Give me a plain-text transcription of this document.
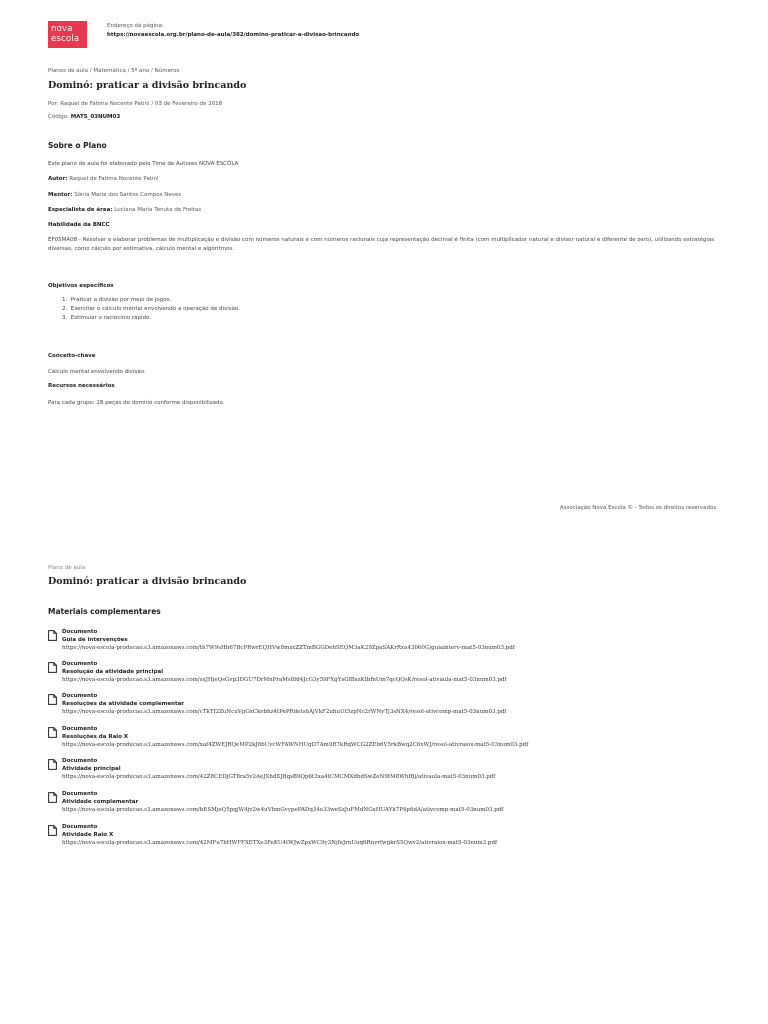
nova
escola
Endereço da página:
https://novaescola.org.br/plano-de-aula/382/domino-praticar-a-divisao-brincando
Planos de aula / Matemática / 5º ano / Números
Dominó: praticar a divisão brincando
Por: Raquel de Fatima Nocente Patini / 03 de Fevereiro de 2018
Código: MAT5_03NUM03
Sobre o Plano
Este plano de aula foi elaborado pelo Time de Autores NOVA ESCOLA
Autor: Raquel de Fatima Nocente Patini
Mentor: Sônia Maria dos Santos Campos Neves
Especialista de área: Luciana Maria Tenuta de Freitas
Habilidade da BNCC
EF05MA08 - Resolver e elaborar problemas de multiplicação e divisão com números naturais e com números racionais cuja representação decimal é finita (com multiplicador natural e divisor natural e diferente de zero), utilizando estratégias diversas, como cálculo por estimativa, cálculo mental e algoritmos.
Objetivos específicos
1.  Praticar a divisão por meio de jogos.
2.  Exercitar o cálculo mental envolvendo a operação de divisão.
3.  Estimular o raciocínio rápido.
Conceito-chave
Cálculo mental envolvendo divisão.
Recursos necessários
Para cada grupo: 28 peças de dominó conforme disponibilizado.
Associação Nova Escola © - Todos os direitos reservados.
Plano de aula
Dominó: praticar a divisão brincando
Materiais complementares
Documento
Guia de intervenções
https://nova-escola-producao.s3.amazonaws.com/th7W9sHb67BcPRwrEQHVw8mzxZZTmBGGDehSEQM3aK29ZpaSAKrRxa43060G/guiainterv-mat5-03num03.pdf
Documento
Resolução da atividade principal
https://nova-escola-producao.s3.amazonaws.com/sxJHjeQsGvp3DGU7DrMnPraMs8fd4JcG3y59FXgYsGfBszKtbfnUm7qcQQsK/resol-ativaula-mat5-03num03.pdf
Documento
Resoluções da atividade complementar
https://nova-escola-producao.s3.amazonaws.com/cTkTf2ZuNcuVpGxCkvbhz4tPePRdetshAjVkF2uhuUt5zpNc2rWNyTj3sNX4/resol-ativcomp-mat5-03num03.pdf
Documento
Resoluções da Raio X
https://nova-escola-producao.s3.amazonaws.com/xaf4ZWEJRQeMP2kJ8bUycWFAWNHUgD7Am9R7kRqWCG2ZEb6V5rkBwq2C6xWJ/resol-ativraiox-mat5-03num03.pdf
Documento
Atividade principal
https://nova-escola-producao.s3.amazonaws.com/42Z8CEDjGT8ra5v2AeJXhdXJBqsB9Qp6t3xa4tCMCMXdhdSwZeN9tM8WhfBj/ativaula-mat5-03num03.pdf
Documento
Atividade complementar
https://nova-escola-producao.s3.amazonaws.com/bESMjeQ5pqjW4jv2w4uVbmGvypePADq34e33weSzJuFMdNGxHUAYk7P4p6dA/ativcomp-mat5-03num03.pdf
Documento
Atividade Raio X
https://nova-escola-producao.s3.amazonaws.com/42MFu7bHWFFXETXe3FeKU4tWJwZpxWC9y3NjfeJrnUuq6RnvrfwgkrS5Qwv2/ativraiox-mat5-03num3.pdf
